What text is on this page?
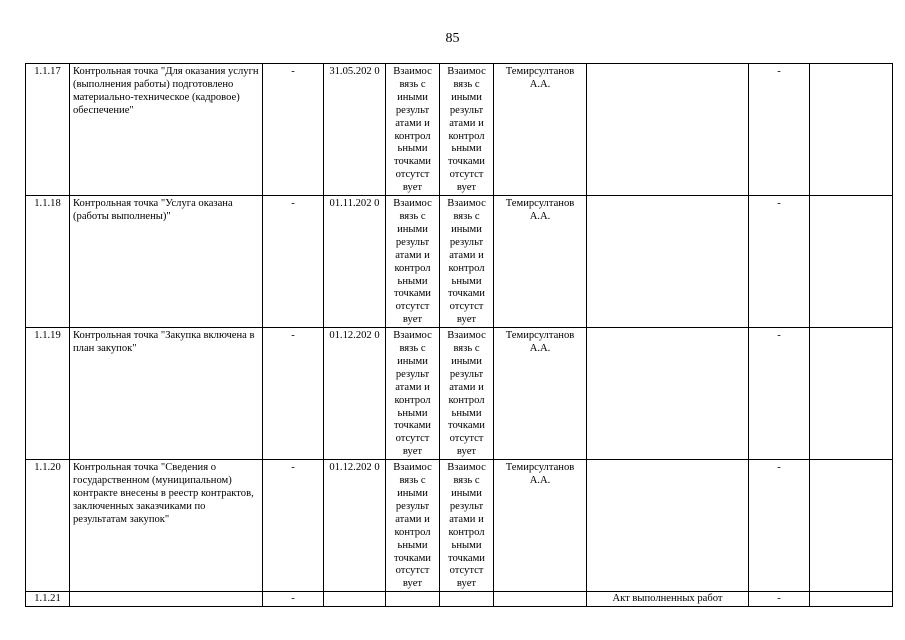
85
1.1.17	Контрольная точка "Для оказания услугн (выполнения работы) подготовлено материально-техническое (кадровое) обеспечение"	-	31.05.202 0	Взаимос вязь с иными результ атами и контрол ьными точками отсутст вует	Взаимос вязь с иными результ атами и контрол ьными точками отсутст вует	Темирсултанов А.А.		-	
1.1.18	Контрольная точка "Услуга оказана (работы выполнены)"	-	01.11.202 0	Взаимос вязь с иными результ атами и контрол ьными точками отсутст вует	Взаимос вязь с иными результ атами и контрол ьными точками отсутст вует	Темирсултанов А.А.		-	
1.1.19	Контрольная точка "Закупка включена в план закупок"	-	01.12.202 0	Взаимос вязь с иными результ атами и контрол ьными точками отсутст вует	Взаимос вязь с иными результ атами и контрол ьными точками отсутст вует	Темирсултанов А.А.		-	
1.1.20	Контрольная точка "Сведения о государственном (муниципальном) контракте внесены в реестр контрактов, заключенных заказчиками по результатам закупок"	-	01.12.202 0	Взаимос вязь с иными результ атами и контрол ьными точками отсутст вует	Взаимос вязь с иными результ атами и контрол ьными точками отсутст вует	Темирсултанов А.А.		-	
1.1.21		-					Акт выполненных работ	-	
